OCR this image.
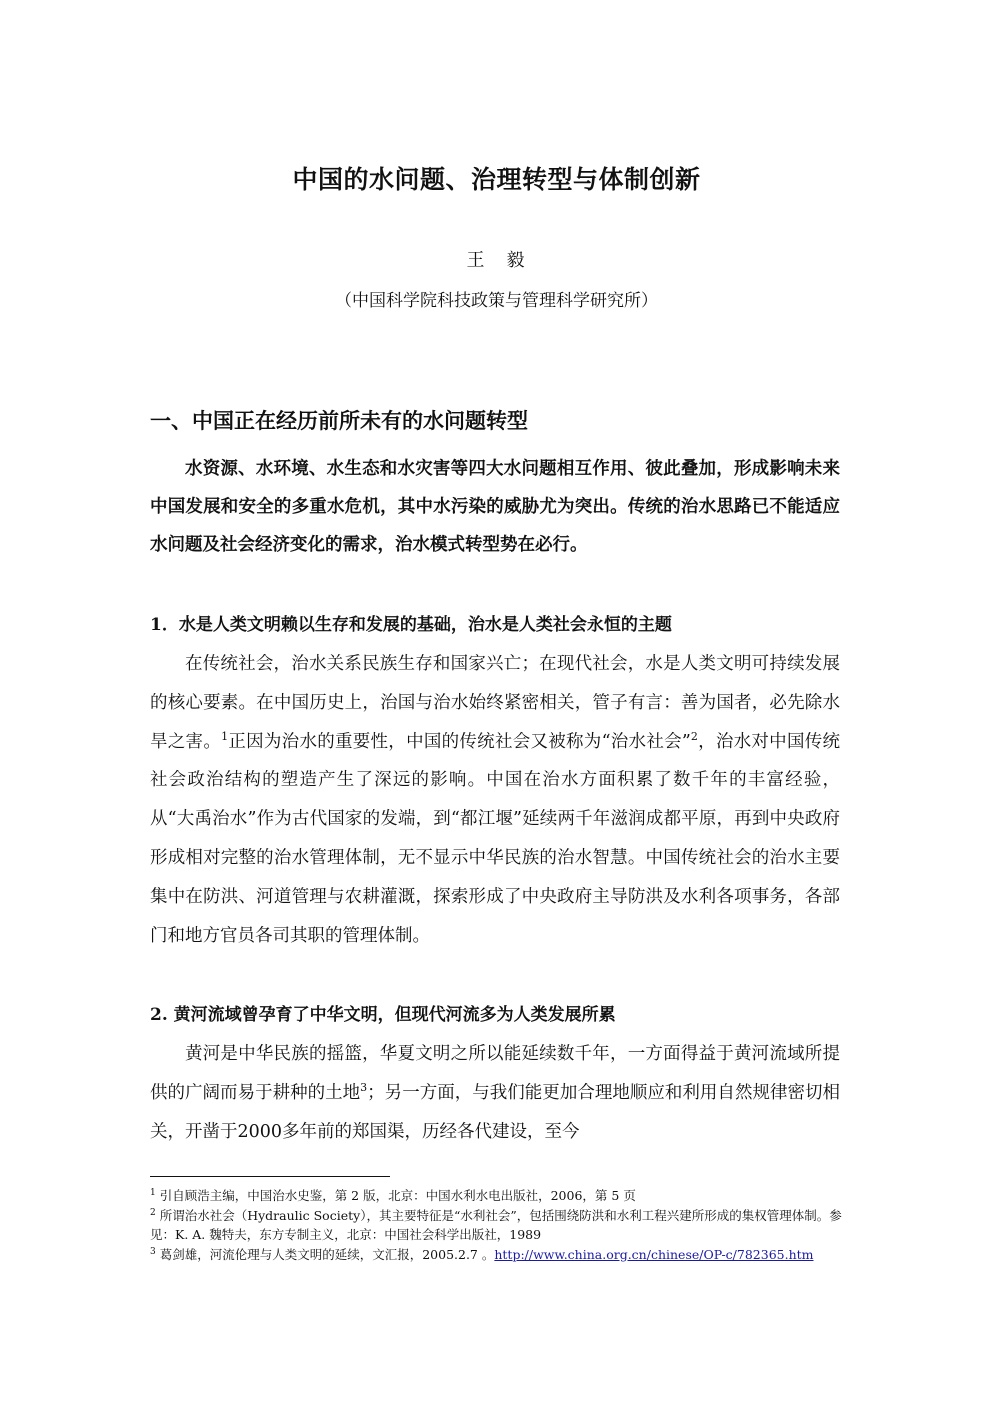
中国的水问题、治理转型与体制创新
王　毅
（中国科学院科技政策与管理科学研究所）
一、中国正在经历前所未有的水问题转型

水资源、水环境、水生态和水灾害等四大水问题相互作用、彼此叠加，形成影响未来中国发展和安全的多重水危机，其中水污染的威胁尤为突出。传统的治水思路已不能适应水问题及社会经济变化的需求，治水模式转型势在必行。

1．水是人类文明赖以生存和发展的基础，治水是人类社会永恒的主题

在传统社会，治水关系民族生存和国家兴亡；在现代社会，水是人类文明可持续发展的核心要素。在中国历史上，治国与治水始终紧密相关，管子有言：善为国者，必先除水旱之害。$^1$正因为治水的重要性，中国的传统社会又被称为“治水社会”$^2$，治水对中国传统社会政治结构的塑造产生了深远的影响。中国在治水方面积累了数千年的丰富经验，从“大禹治水”作为古代国家的发端，到“都江堰”延续两千年滋润成都平原，再到中央政府形成相对完整的治水管理体制，无不显示中华民族的治水智慧。中国传统社会的治水主要集中在防洪、河道管理与农耕灌溉，探索形成了中央政府主导防洪及水利各项事务，各部门和地方官员各司其职的管理体制。

2. 黄河流域曾孕育了中华文明，但现代河流多为人类发展所累

黄河是中华民族的摇篮，华夏文明之所以能延续数千年，一方面得益于黄河流域所提供的广阔而易于耕种的土地$^3$；另一方面，与我们能更加合理地顺应和利用自然规律密切相关，开凿于2000多年前的郑国渠，历经各代建设，至今

$^1$ 引自顾浩主编，中国治水史鉴，第 2 版，北京：中国水利水电出版社，2006，第 5 页

$^2$ 所谓治水社会（Hydraulic Society），其主要特征是“水利社会”，包括围绕防洪和水利工程兴建所形成的集权管理体制。参见：K. A. 魏特夫，东方专制主义，北京：中国社会科学出版社，1989

$^3$ 葛剑雄，河流伦理与人类文明的延续，文汇报，2005.2.7 。http://www.china.org.cn/chinese/OP-c/782365.htm
